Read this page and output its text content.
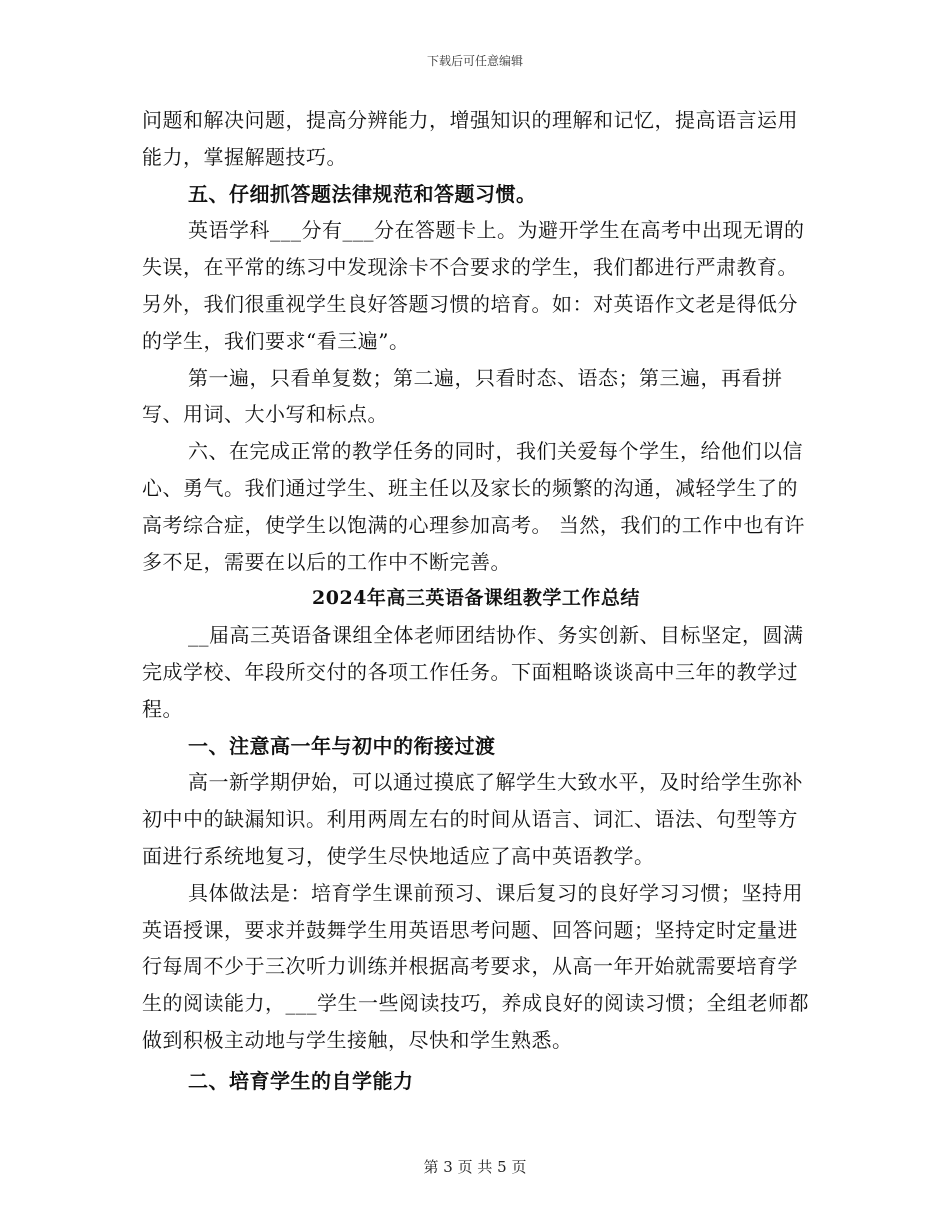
下载后可任意编辑

问题和解决问题，提高分辨能力，增强知识的理解和记忆，提高语言运用能力，掌握解题技巧。

五、仔细抓答题法律规范和答题习惯。

英语学科___分有___分在答题卡上。为避开学生在高考中出现无谓的失误，在平常的练习中发现涂卡不合要求的学生，我们都进行严肃教育。另外，我们很重视学生良好答题习惯的培育。如：对英语作文老是得低分的学生，我们要求“看三遍”。

第一遍，只看单复数；第二遍，只看时态、语态；第三遍，再看拼写、用词、大小写和标点。

六、在完成正常的教学任务的同时，我们关爱每个学生，给他们以信心、勇气。我们通过学生、班主任以及家长的频繁的沟通，减轻学生了的高考综合症，使学生以饱满的心理参加高考。 当然，我们的工作中也有许多不足，需要在以后的工作中不断完善。

2024年高三英语备课组教学工作总结

__届高三英语备课组全体老师团结协作、务实创新、目标坚定，圆满完成学校、年段所交付的各项工作任务。下面粗略谈谈高中三年的教学过程。

一、注意高一年与初中的衔接过渡

高一新学期伊始，可以通过摸底了解学生大致水平，及时给学生弥补初中中的缺漏知识。利用两周左右的时间从语言、词汇、语法、句型等方面进行系统地复习，使学生尽快地适应了高中英语教学。

具体做法是：培育学生课前预习、课后复习的良好学习习惯；坚持用英语授课，要求并鼓舞学生用英语思考问题、回答问题；坚持定时定量进行每周不少于三次听力训练并根据高考要求，从高一年开始就需要培育学生的阅读能力，___学生一些阅读技巧，养成良好的阅读习惯；全组老师都做到积极主动地与学生接触，尽快和学生熟悉。

二、培育学生的自学能力

第 3 页 共 5 页
